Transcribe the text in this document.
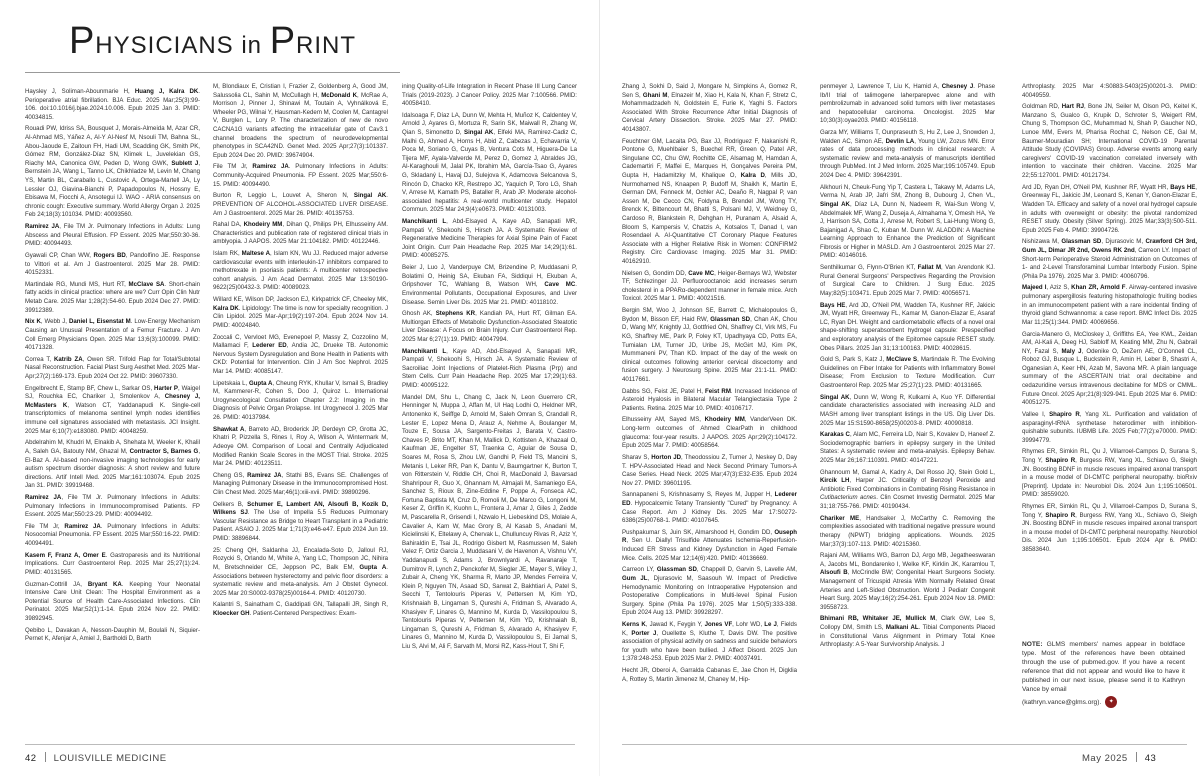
PHYSICIANS in PRINT

Haysley J, Soliman-Abounmarie H, Huang J, Kalra DK. Perioperative atrial fibrillation. BJA Educ. 2025 Mar;25(3):99-106. doi:10.1016/j.bjae.2024.10.006. Epub 2025 Jan 3. PMID: 40034815.

Rouadi PW, Idriss SA, Bousquet J, Morais-Almeida M, Azar CR, Al-Ahmad MS, Yáñez A, Al-Y Al-Nesf M, Nsouli TM, Bahna SL, Abou-Jaoude E, Zaitoun FH, Hadi UM, Scadding GK, Smith PK, Gómez RM, González-Díaz SN, Klimek L, Juvelekian GS, Riachy MA, Canonica GW, Peden D, Wong GWK, Sublett J, Bernstein JA, Wang L, Tanno LK, Chikhladze M, Levin M, Chang YS, Martin BL, Caraballo L, Custovic A, Ortega-Martell JA, Ly Lessler OJ, Giavina-Bianchi P, Papadopoulos N, Hossny E, Ebisawa M, Fiocchi A, Ansotegui IJ. WAO - ARIA consensus on chronic cough: Executive summary. World Allergy Organ J. 2025 Feb 24;18(3):101034. PMID: 40093560.

Ramirez JA, File TM Jr. Pulmonary Infections in Adults: Lung Abscess and Pleural Effusion. FP Essent. 2025 Mar;550:30-36. PMID: 40094493.

Gyawali CP, Chan WW, Rogers BD, Pandolfino JE. Response to Vittori et al. Am J Gastroenterol. 2025 Mar 28. PMID: 40152331.

Martindale RG, Mundi MS, Hurt RT, McClave SA. Short-chain fatty acids in clinical practice: where are we? Curr Opin Clin Nutr Metab Care. 2025 Mar 1;28(2):54-60. Epub 2024 Dec 27. PMID: 39912389.

Nix K, Webb J, Daniel L, Eisenstat M. Low-Energy Mechanism Causing an Unusual Presentation of a Femur Fracture. J Am Coll Emerg Physicians Open. 2025 Mar 13;6(3):100099. PMID: 40171328.

Correa T, Katrib ZA, Owen SR. Trifold Flap for Total/Subtotal Nasal Reconstruction. Facial Plast Surg Aesthet Med. 2025 Mar-Apr;27(2):169-173. Epub 2024 Oct 22. PMID: 39607330.

Engelbrecht E, Stamp BF, Chew L, Sarkar OS, Harter P, Waigel SJ, Rouchka EC, Chariker J, Smolenkov A, Chesney J, McMasters K, Watson CT, Yaddanapudi K. Single-cell transcriptomics of melanoma sentinel lymph nodes identifies immune cell signatures associated with metastasis. JCI Insight. 2025 Mar 6;10(7):e183080. PMID: 40048259.

Abdelrahim M, Khudri M, Elnakib A, Shehata M, Weeler K, Khalil A, Saleh GA, Batouty NM, Ghazal M, Contractor S, Barnes G, El-Baz A. AI-based non-invasive imaging technologies for early autism spectrum disorder diagnosis: A short review and future directions. Artif Intell Med. 2025 Mar;161:103074. Epub 2025 Jan 31. PMID: 39919468.

Ramirez JA, File TM Jr. Pulmonary Infections in Adults: Pulmonary Infections in Immunocompromised Patients. FP Essent. 2025 Mar;550:23-29. PMID: 40094492.

File TM Jr, Ramirez JA. Pulmonary Infections in Adults: Nosocomial Pneumonia. FP Essent. 2025 Mar;550:16-22. PMID: 40094491.

Kasem F, Franz A, Omer E. Gastroparesis and its Nutritional Implications. Curr Gastroenterol Rep. 2025 Mar 25;27(1):24. PMID: 40131565.

Guzman-Cottrill JA, Bryant KA. Keeping Your Neonatal Intensive Care Unit Clean: The Hospital Environment as a Potential Source of Health Care-Associated Infections. Clin Perinatol. 2025 Mar;52(1):1-14. Epub 2024 Nov 22. PMID: 39892945.

Qebibo L, Davakan A, Nesson-Dauphin M, Boulali N, Siquier-Pernet K, Afenjar A, Amiel J, Bartholdi D, Barth

M, Blondiaux E, Cristian I, Frazier Z, Goldenberg A, Good JM, Salussolia CL, Sahin M, McCullagh H, McDonald K, McRae A, Morrison J, Pinner J, Shinawi M, Toutain A, Vyhnálková E, Wheeler PG, Wilnai Y, Hausman-Kedem M, Coolen M, Cantagrel V, Burglen L, Lory P. The characterization of new de novo CACNA1G variants affecting the intracellular gate of Cav3.1 channel broadens the spectrum of neurodevelopmental phenotypes in SCA42ND. Genet Med. 2025 Apr;27(3):101337. Epub 2024 Dec 20. PMID: 39674904.

File TM Jr, Ramirez JA. Pulmonary Infections in Adults: Community-Acquired Pneumonia. FP Essent. 2025 Mar;550:6-15. PMID: 40094490.

Burton R, Leggio L, Louvet A, Sheron N, Singal AK. PREVENTION OF ALCOHOL-ASSOCIATED LIVER DISEASE. Am J Gastroenterol. 2025 Mar 26. PMID: 40135753.

Rahal DA, Khodeiry MM, Dihan Q, Philips PH, Elhusseiny AM. Characteristics and publication rate of registered clinical trials in amblyopia. J AAPOS. 2025 Mar 21:104182. PMID: 40122446.

Islam RK, Maltese A, Islam KN, Wu JJ. Reduced major adverse cardiovascular events with interleukin-17 inhibitors compared to methotrexate in psoriasis patients: A multicenter retrospective cohort analysis. J Am Acad Dermatol. 2025 Mar 13:S0190-9622(25)00432-3. PMID: 40089023.

Willard KE, Wilson DP, Jackson EJ, Kirkpatrick CF, Cheeley MK, Kalra DK. Lipidology: The time is now for specialty recognition. J Clin Lipidol. 2025 Mar-Apr;19(2):197-204. Epub 2024 Nov 14. PMID: 40024840.

Zoccali C, Vervloet MG, Evenepoel P, Massy Z, Cozzolino M, Mallamaci F, Lederer ED, Andia JC, Drueke TB. Autonomic Nervous System Dysregulation and Bone Health in Patients with CKD: Potential for Intervention. Clin J Am Soc Nephrol. 2025 Mar 14. PMID: 40085147.

Lipetskaia L, Gupta A, Cheung RYK, Khullar V, Ismail S, Bradley M, Kammerer-R, Cohen S, Doo J, Quiroz L. International Urogynecological Consultation Chapter 2.2: Imaging in the Diagnosis of Pelvic Organ Prolapse. Int Urogynecol J. 2025 Mar 26. PMID: 40137984.

Shawkat A, Barreto AD, Broderick JP, Derdeyn CP, Grotta JC, Khatri P, Pizzella S, Rines I, Roy A, Wilson A, Wintermark M, Adeoye OM. Comparison of Local and Centrally Adjudicated Modified Rankin Scale Scores in the MOST Trial. Stroke. 2025 Mar 24. PMID: 40123511.

Cheng GS, Ramirez JA, Stathi BS, Evans SE. Challenges of Managing Pulmonary Disease in the Immunocompromised Host. Clin Chest Med. 2025 Mar;46(1):xiii-xvii. PMID: 39890296.

Oelkers B, Schumer E, Lambert AN, Alsoufi B, Kozik D, Wilkens SJ. The Use of Impella 5.5 Reduces Pulmonary Vascular Resistance as Bridge to Heart Transplant in a Pediatric Patient. ASAIO J. 2025 Mar 1;71(3):e46-e47. Epub 2024 Jun 19. PMID: 38896844.

25: Cheng QH, Saldanha JJ, Encalada-Soto D, Jalloul RJ, Rozycki S, Orlando M, White A, Yang LC, Thompson JC, Nihira M, Bretschneider CE, Jeppson PC, Balk EM, Gupta A. Associations between hysterectomy and pelvic floor disorders: a systematic review and meta-analysis. Am J Obstet Gynecol. 2025 Mar 20:S0002-9378(25)00164-4. PMID: 40120730.

Kalantri S, Sainatham C, Gaddipati GN, Tallapalli JR, Singh R, Kloecker GH. Patient-Centered Perspectives: Exam-

ining Quality-of-Life Integration in Recent Phase III Lung Cancer Trials (2019-2023). J Cancer Policy. 2025 Mar 7:100566. PMID: 40058410.

Idalsoaga F, Díaz LA, Dunn W, Mehta H, Muñoz K, Caldentey V, Arnold J, Ayares G, Mortuza R, Sarin SK, Maiwall R, Zhang W, Qian S, Simonetto D, Singal AK, Elfeki MA, Ramirez-Cadiz C, Malhi G, Ahmed A, Horns H, Abid Z, Cabezas J, Echavarria V, Poca M, Soriano G, Cuyas B, Ventura Cots M, Higuera-De La Tijera MF, Ayala-Valverde M, Perez D, Gomez J, Abraldes JG, Al-Karaghouli M, Jalal PK, Ibrahim MA, García-Tsao G, Ayares G, Skladaný L, Havaj DJ, Sulejova K, Adamcova Selcanova S, Rincón D, Chacko KR, Restrepo JC, Yaquich P, Toro LG, Shah V, Arrese M, Kamath PS, Bataller R, Arab JP. Moderate alcohol-associated hepatitis: A real-world multicenter study. Hepatol Commun. 2025 Mar 24;9(4):e0673. PMID: 40131003.

Manchikanti L, Abd-Elsayed A, Kaye AD, Sanapati MR, Pampati V, Shekoohi S, Hirsch JA. A Systematic Review of Regenerative Medicine Therapies for Axial Spine Pain of Facet Joint Origin. Curr Pain Headache Rep. 2025 Mar 14;29(1):61. PMID: 40085275.

Beier J, Luo J, Vanderpuye CM, Brizendine P, Muddasani P, Bolatimi O, Heinig SA, Ekuban FA, Siddiqui H, Ekuban A, Gripshover TC, Wahlang B, Watson WH, Cave MC. Environmental Pollutants, Occupational Exposures, and Liver Disease. Semin Liver Dis. 2025 Mar 21. PMID: 40118102.

Ghosh AK, Stephens KR, Kandiah PA, Hurt RT, Gilman EA. Multiorgan Effects of Metabolic Dysfunction-Associated Steatotic Liver Disease: A Focus on Brain Injury. Curr Gastroenterol Rep. 2025 Mar 6;27(1):19. PMID: 40047994.

Manchikanti L, Kaye AD, Abd-Elsayed A, Sanapati MR, Pampati V, Shekoohi S, Hirsch JA. A Systematic Review of Sacroiliac Joint Injections of Platelet-Rich Plasma (Prp) and Stem Cells. Curr Pain Headache Rep. 2025 Mar 17;29(1):63. PMID: 40095122.

Mandel DM, Shu L, Chang C, Jack N, Leon Guerrero CR, Henninger N, Muppa J, Affan M, Ul Haq Lodhi O, Heldner MR, Antonenko K, Seiffge D, Arnold M, Saleh Omran S, Crandall R, Lester E, Lopez Mena D, Arauz A, Nehme A, Boulanger M, Touze E, Sousa JA, Sargento-Freitas J, Barata V, Castro-Chaves P, Brito MT, Khan M, Mallick D, Kottisten A, Khazaal O, Kaufman JE, Engelter ST, Traenka C, Aguiar de Sousa D, Soares M, Rosa S, Zhou LW, Gandhi P, Field TS, Mancini S, Metanis I, Leker RR, Pan K, Dantu V, Baumgartner K, Burton T, von Ritterstein V, Riddle CH, Choi R, MacDonald J, Bavarsad Shahripour R, Guo X, Ghannam M, Almajali M, Samaniego EA, Sanchez S, Rioux B, Zine-Eddine F, Poppe A, Fonseca AC, Fortuna Baptista M, Cruz D, Romoli M, De Marco G, Longoni M, Keser Z, Griffin K, Kuohn L, Frontera J, Amar J, Giles J, Zedde M, Pascarella R, Grisendi I, Nzwalo H, Liebeskind DS, Molaie A, Cavalier A, Kam W, Mac Grory B, Al Kasab S, Anadani M, Kicielinski K, Eltelawy A, Chervak L, Chulluncuy Rivas R, Aziz Y, Bahiraldin E, Tsai JL, Rodrigo Gisbert M, Rasmussen M, Saleh Velez F, Ortiz Garcia J, Muddasani V, de Havenon A, Vishnu VY, Yaddanapudi S, Adams J, Brownlyardi A, Ravanaraje T, Dumitrov R, Lynch Z, Penckofer M, Siegler JE, Mayer S, Wiley J, Zubair A, Cheng YK, Sharma R, Marto JP, Mendes Ferreira V, Klein P, Nguyen TN, Asaad SD, Sarwat Z, Bakhtiari A, Patel S, Secchi T, Tentolouris Piperas V, Pettersen M, Kim YD, Krishnaiah B, Lingaman S, Qureshi A, Fridman S, Alvarado A, Khasiyev F, Linares G, Mannino M, Kurda D, Vassilopoulou S, Tentolouris Piperas V, Pettersen M, Kim YD, Krishnaiah B, Lingaman S, Qureshi A, Fridman S, Alvarado A, Khasiyev F, Linares G, Mannino M, Kurda D, Vassilopoulou S, Ei Jamal S, Liu S, Alvi M, Ali F, Sarvath M, Morsi RZ, Kass-Hout T, Shi F,

Zhang J, Sokhi D, Said J, Mongare N, Simpkins A, Gomez R, Sen S, Ghani M, Elnazeir M, Xiao H, Kala N, Khan F, Stretz C, Mohammadzadeh N, Goldstein E, Furie K, Yaghi S. Factors Associated With Stroke Recurrence After Initial Diagnosis of Cervical Artery Dissection. Stroke. 2025 Mar 27. PMID: 40143807.

Feuchtner GM, Lacaita PG, Bax JJ, Rodriguez F, Nakanishi R, Pontone G, Muehlbaier S, Buechel RR, Green Q, Patel AR, Singulane CC, Chu GW, Rochitte CE, Alsamag M, Hamdan A, Cademartiri F, Maffei E, Marques H, Gonçalves Pereira PM, Gupta H, Hadamitzky M, Khalique O, Kalra D, Mills JD, Nurmohamed NS, Knaapen P, Budoff M, Shaikh K, Martin E, German DM, Fenneck M, Ochler AC, Deaño R, Nagpal P, van Assen M, De Cecco CN, Foldyna B, Brendel JM, Wong TY, Brenck K, Bittencourt M, Bhatti S, Polsani MJ, V, Weidney G, Cardoso R, Blankstein R, Dehghan H, Puranam A, Alsaid A, Bloom S, Kampersis V, Chatzis A, Kotsalos T, Danad I, van Rosendael A. AI-Quantitative CT Coronary Plaque Features Associate with a Higher Relative Risk in Women: CONFIRM2 Registry. Circ Cardiovasc Imaging. 2025 Mar 31. PMID: 40162910.

Nielsen G, Gondim DD, Cave MC, Heiger-Bernays WJ, Webster TF, Schlezinger JJ. Perfluorooctanoic acid increases serum cholesterol in a PPARα-dependent manner in female mice. Arch Toxicol. 2025 Mar 1. PMID: 40021516.

Bergin SM, Woo J, Johnson SE, Barrett C, Michalopoulos G, Bydon M, Bisson EF, Haid RW, Glassman SD, Chan AK, Chou D, Wang MY, Knightly JJ, Gottfried ON, Shaffrey CI, Virk MS, Fu KG, Shaffrey ME, Park P, Foley KT, Upadhyaya CD, Potts EA, Tumialan LM, Turner JD, Uribe JS, McGirt MJ, Kim PK, Mummaneni PV, Than KD. Impact of the day of the week on clinical outcomes following anterior cervical discectomy and fusion surgery. J Neurosurg Spine. 2025 Mar 21:1-11. PMID: 40117661.

Dabbs SG, Feist JE, Patel H, Feist RM. Increased Incidence of Asteroid Hyalosis in Bilateral Macular Telangiectasia Type 2 Patients. Retina. 2025 Mar 10. PMID: 40106717.

Elhusseiny AM, Sayed MS, Khodeiry MM, VanderVeen DK. Long-term outcomes of Ahmed ClearPath in childhood glaucoma: four-year results. J AAPOS. 2025 Apr;29(2):104172. Epub 2025 Mar 7. PMID: 40058564.

Sharav S, Horton JD, Theodossiou Z, Turner J, Neskey D, Day T. HPV-Associated Head and Neck Second Primary Tumors-A Case Series. Head Neck. 2025 Mar;47(3):E32-E35. Epub 2024 Nov 27. PMID: 39601195.

Sannapaneni S, Krishnasamy S, Reyes M, Jupper H, Lederer ED. Hypocalcemic Tetany Transiently "Cured" by Pregnancy: A Case Report. Am J Kidney Dis. 2025 Mar 17:S0272-6386(25)00768-1. PMID: 40107645.

Pushpakumar S, Juin SK, Almarshood H, Gondim DD, Ouseph R, Sen U. Diallyl Trisulfide Attenuates Ischemia-Reperfusion-Induced ER Stress and Kidney Dysfunction in Aged Female Mice. Cells. 2025 Mar 12;14(6):420. PMID: 40136669.

Carreon LY, Glassman SD, Chappell D, Garvin S, Lavelle AM, Gum JL, Djurasovic M, Saasouh W. Impact of Predictive Hemodynamic Monitoring on Intraoperative Hypotension and Postoperative Complications in Multi-level Spinal Fusion Surgery. Spine (Phila Pa 1976). 2025 Mar 1;50(5):333-338. Epub 2024 Aug 13. PMID: 39928297.

Kerns K, Jawad K, Feygin Y, Jones VF, Lohr WD, Le J, Fields K, Porter J, Ouellette S, Kluthe T, Davis DW. The positive association of physical activity on sadness and suicide behaviors for youth who have been bullied. J Affect Disord. 2025 Jun 1;378:248-253. Epub 2025 Mar 2. PMID: 40037491.

Hecht JR, Oberoi A, Garralda Cabanas E, Jae Chon H, Digklia A, Rottey S, Martin Jimenez M, Chaney M, Hip-

penmeyer J, Lawrence T, Liu K, Hamid A, Chesney J. Phase Ib/II trial of talimogene laherparepvec alone and with pembrolizumab in advanced solid tumors with liver metastases and hepatocellular carcinoma. Oncologist. 2025 Mar 10;30(3):oyae203. PMID: 40156118.

Garza MY, Williams T, Ounpraseuth S, Hu Z, Lee J, Snowden J, Walden AC, Simon AE, Devlin LA, Young LW, Zozus MN. Error rates of data processing methods in clinical research: A systematic review and meta-analysis of manuscripts identified through PubMed. Int J Med Inform. 2025 Mar;195:105749. Epub 2024 Dec 4. PMID: 39642391.

Alkhouri N, Cheuk-Fung Yip T, Castera L, Takawy M, Adams LA, Verma N, Arab JP, Jafri SM, Zhong B, Dubourg J, Chen VL, Singal AK, Díaz LA, Dunn N, Nadeem R, Wai-Sun Wong V, Abdelmalek MF, Wang Z, Duseja A, Almahama Y, Omesh HA, Ye J, Harrison SA, Cotta J, Arrese M, Robert S, Lai-Hung Wong G, Bajanigad A, Shao C, Kuban M. Dunn W. ALADDIN: A Machine Learning Approach to Enhance the Prediction of Significant Fibrosis or Higher in MASLD. Am J Gastroenterol. 2025 Mar 27. PMID: 40146016.

Senthilkumar G, Flynn-O'Brien KT, Fallat M, Van Arendonk KJ. Rural General Surgeons' Perspectives Regarding the Provision of Surgical Care to Children. J Surg Educ. 2025 May;82(5):103471. Epub 2025 Mar 7. PMID: 40056571.

Bays HE, Ard JD, O'Neil PM, Wadden TA, Kushner RF, Jakicic JM, Wyatt HR, Greenway FL, Kamar M, Ganon-Elazar E, Asaraf LC, Ryan DH. Weight and cardiometabolic effects of a novel oral shape-shifting superabsorbent hydrogel capsule: Prespecified and exploratory analysis of the Epitomee capsule RESET study. Obes Pillars. 2025 Jan 31;13:100163. PMID: 40028615.

Gold S, Park S, Katz J, McClave S, Martindale R. The Evolving Guidelines on Fiber Intake for Patients with Inflammatory Bowel Disease; From Exclusion to Texture Modification. Curr Gastroenterol Rep. 2025 Mar 25;27(1):23. PMID: 40131665.

Singal AK, Dunn W, Wong R, Kulkarni A, Kuo YF. Differential candidate characteristics associated with increasing ALD and MASH among liver transplant listings in the US. Dig Liver Dis. 2025 Mar 15:S1590-8658(25)00203-8. PMID: 40090818.

Karakas C, Alam MC, Ferreira LD, Nair S, Kovalev D, Haneef Z. Sociodemographic barriers in epilepsy surgery in the United States: A systematic review and meta-analysis. Epilepsy Behav. 2025 Mar 26;167:110391. PMID: 40147221.

Ghannoum M, Gamal A, Kadry A, Del Rosso JQ, Stein Gold L, Kircik LH, Harper JC. Criticality of Benzoyl Peroxide and Antibiotic Fixed Combinations in Combating Rising Resistance in Cutibacterium acnes. Clin Cosmet Investig Dermatol. 2025 Mar 31;18:755-766. PMID: 40190434.

Chariker ME, Handsaker J, McCarthy C. Removing the complexities associated with traditional negative pressure wound therapy (NPWT) bridging applications. Wounds. 2025 Mar;37(3):107-113. PMID: 40215360.

Rajani AM, Williams WG, Barron DJ, Argo MB, Jegatheeswaran A, Jacobs ML, Bondarenko I, Welke KF, Kirklin JK, Karamlou T, Alsoufi B, McCrindle BW; Congenital Heart Surgeons Society. Management of Tricuspid Atresia With Normally Related Great Arteries and Left-Sided Obstruction. World J Pediatr Congenit Heart Surg. 2025 May;16(2):254-261. Epub 2024 Nov 18. PMID: 39558723.

Bhimani RB, Whitaker JE, Mullick M, Clark GW, Lee S, Collopy DM, Smith LS, Malkani AL. Tibial Components Placed in Constitutional Varus Alignment in Primary Total Knee Arthroplasty: A 5-Year Survivorship Analysis. J

Arthroplasty. 2025 Mar 4:S0883-5403(25)00201-3. PMID: 40049559.

Goldman RD, Hart RJ, Bone JN, Seiler M, Olson PG, Keitel K, Manzano S, Gualco G, Krupik D, Schroter S, Weigert RM, Chung S, Thompson GC, Muhammad N, Shah P, Gaucher NO, Lunoe MM, Evers M, Pharisa Rochat C, Nelson CE, Gal M, Baumer-Mouradian SH; International COVID-19 Parental Attitude Study (COVIPAS) Group. Adverse events among early caregivers' COVID-19 vaccination correlated inversely with intention to vaccinate their children. Vaccine. 2025 Mar 22;55:127001. PMID: 40121734.

Ard JD, Ryan DH, O'Neil PM, Kushner RF, Wyatt HR, Bays HE, Greenway FL, Jakicic JM, Leonard S, Kenan Y, Ganon-Elazar E, Wadden TA. Efficacy and safety of a novel oral hydrogel capsule in adults with overweight or obesity: the pivotal randomized RESET study. Obesity (Silver Spring). 2025 Mar;33(3):500-511. Epub 2025 Feb 4. PMID: 39904726.

Nishizawa M, Glassman SD, Djurasovic M, Crawford CH 3rd, Gum JL, Dimar JR 2nd, Owens RK 2nd, Carreon LY. Impact of Short-term Perioperative Steroid Administration on Outcomes of 1- and 2-Level Transforaminal Lumbar Interbody Fusion. Spine (Phila Pa 1976). 2025 Mar 3. PMID: 40060796.

Majeed I, Aziz S, Khan ZR, Arnold F. Airway-centered invasive pulmonary aspergillosis featuring histopathologic fruiting bodies in an immunocompetent patient with a rare incidental finding of thyroid gland Schwannoma: a case report. BMC Infect Dis. 2025 Mar 11;25(1):344. PMID: 40069656.

Garcia-Manero G, McCloskey J, Griffiths EA, Yee KWL, Zeidan AM, Al-Kali A, Deeg HJ, Sabloff M, Keating MM, Zhu N, Gabrail NY, Fazal S, Maly J, Odenike O, DeZern AE, O'Connell CL, Roboz GJ, Busque L, Buckstein R, Amin H, Leber B, Shastri A, Oganesian A, Keer HN, Azab M, Savona MR. A plain language summary of the ASCERTAIN trial: oral decitabine and cedazuridine versus intravenous decitabine for MDS or CMML. Future Oncol. 2025 Apr;21(8):929-941. Epub 2025 Mar 6. PMID: 40051275.

Vallee I, Shapiro R, Yang XL. Purification and validation of asparaginyl-tRNA synthetase heterodimer with inhibition-quishable subunits. IUBMB Life. 2025 Feb;77(2):e70000. PMID: 39994779.

Rhymes ER, Simkin RL, Qu J, Villarroel-Campos D, Surana S, Tong Y, Shapiro R, Burgess RW, Yang XL, Schiavo G, Sleigh JN. Boosting BDNF in muscle rescues impaired axonal transport in a mouse model of DI-CMTC peripheral neuropathy. bioRxiv [Preprint]. Update in: Neurobiol Dis. 2024 Jun 1;195:106501. PMID: 38559020.

Rhymes ER, Simkin RL, Qu J, Villarroel-Campos D, Surana S, Tong Y, Shapiro R, Burgess RW, Yang XL, Schiavo G, Sleigh JN. Boosting BDNF in muscle rescues impaired axonal transport in a mouse model of DI-CMTC peripheral neuropathy. Neurobiol Dis. 2024 Jun 1;195:106501. Epub 2024 Apr 6. PMID: 38583640.

NOTE: GLMS members' names appear in boldface type. Most of the references have been obtained through the use of pubmed.gov. If you have a recent reference that did not appear and would like to have it published in our next issue, please send it to Kathryn Vance by email
(kathryn.vance@glms.org).	✦
42 LOUISVILLE MEDICINE	May 2025 43
